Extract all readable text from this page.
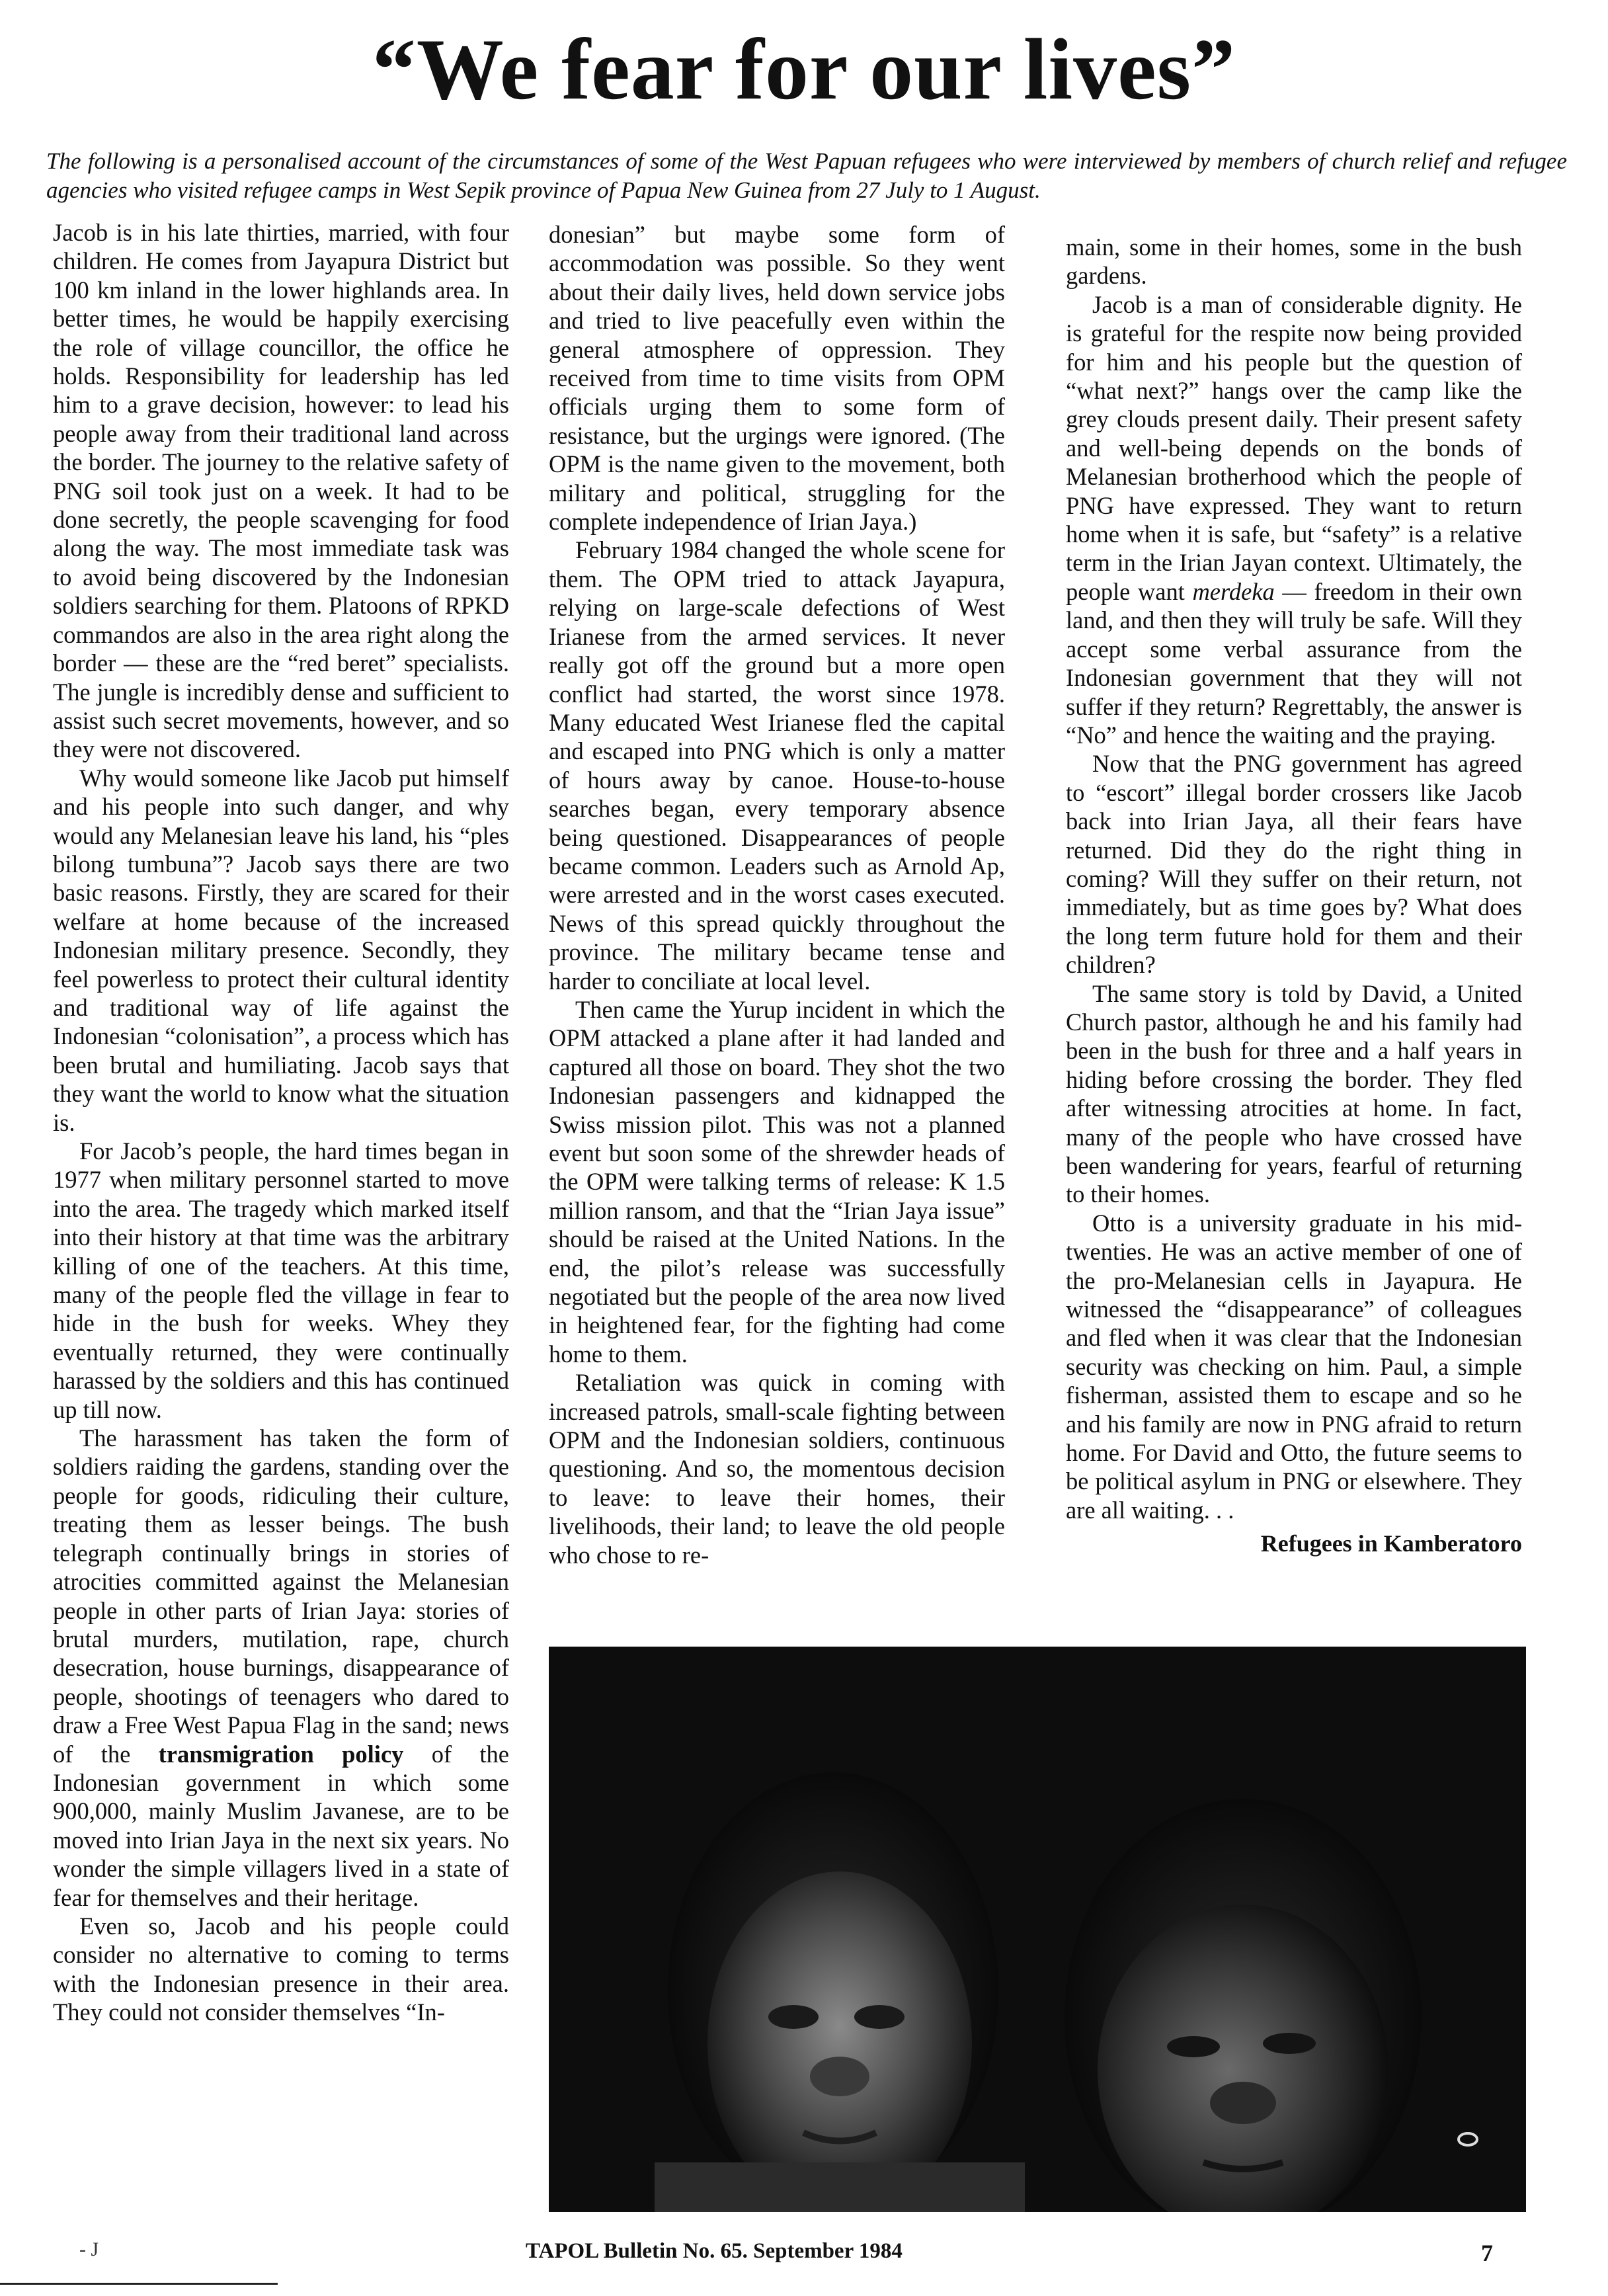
“We fear for our lives”

The following is a personalised account of the circumstances of some of the West Papuan refugees who were interviewed by members of church relief and refugee agencies who visited refugee camps in West Sepik province of Papua New Guinea from 27 July to 1 August.

Jacob is in his late thirties, married, with four children. He comes from Jayapura District but 100 km inland in the lower highlands area. In better times, he would be happily exercising the role of village councillor, the office he holds. Responsibility for leadership has led him to a grave decision, however: to lead his people away from their traditional land across the border. The journey to the relative safety of PNG soil took just on a week. It had to be done secretly, the people scavenging for food along the way. The most immediate task was to avoid being discovered by the Indonesian soldiers searching for them. Platoons of RPKD commandos are also in the area right along the border — these are the “red beret” specialists. The jungle is incredibly dense and sufficient to assist such secret movements, however, and so they were not discovered.

Why would someone like Jacob put himself and his people into such danger, and why would any Melanesian leave his land, his “ples bilong tumbuna”? Jacob says there are two basic reasons. Firstly, they are scared for their welfare at home because of the increased Indonesian military presence. Secondly, they feel powerless to protect their cultural identity and traditional way of life against the Indonesian “colonisation”, a process which has been brutal and humiliating. Jacob says that they want the world to know what the situation is.

For Jacob’s people, the hard times began in 1977 when military personnel started to move into the area. The tragedy which marked itself into their history at that time was the arbitrary killing of one of the teachers. At this time, many of the people fled the village in fear to hide in the bush for weeks. Whey they eventually returned, they were continually harassed by the soldiers and this has continued up till now.

The harassment has taken the form of soldiers raiding the gardens, standing over the people for goods, ridiculing their culture, treating them as lesser beings. The bush telegraph continually brings in stories of atrocities committed against the Melanesian people in other parts of Irian Jaya: stories of brutal murders, mutilation, rape, church desecration, house burnings, disappearance of people, shootings of teenagers who dared to draw a Free West Papua Flag in the sand; news of the transmigration policy of the Indonesian government in which some 900,000, mainly Muslim Javanese, are to be moved into Irian Jaya in the next six years. No wonder the simple villagers lived in a state of fear for themselves and their heritage.

Even so, Jacob and his people could consider no alternative to coming to terms with the Indonesian presence in their area. They could not consider themselves “In-

donesian” but maybe some form of accommodation was possible. So they went about their daily lives, held down service jobs and tried to live peacefully even within the general atmosphere of oppression. They received from time to time visits from OPM officials urging them to some form of resistance, but the urgings were ignored. (The OPM is the name given to the movement, both military and political, struggling for the complete independence of Irian Jaya.)

February 1984 changed the whole scene for them. The OPM tried to attack Jayapura, relying on large-scale defections of West Irianese from the armed services. It never really got off the ground but a more open conflict had started, the worst since 1978. Many educated West Irianese fled the capital and escaped into PNG which is only a matter of hours away by canoe. House-to-house searches began, every temporary absence being questioned. Disappearances of people became common. Leaders such as Arnold Ap, were arrested and in the worst cases executed. News of this spread quickly throughout the province. The military became tense and harder to conciliate at local level.

Then came the Yurup incident in which the OPM attacked a plane after it had landed and captured all those on board. They shot the two Indonesian passengers and kidnapped the Swiss mission pilot. This was not a planned event but soon some of the shrewder heads of the OPM were talking terms of release: K 1.5 million ransom, and that the “Irian Jaya issue” should be raised at the United Nations. In the end, the pilot’s release was successfully negotiated but the people of the area now lived in heightened fear, for the fighting had come home to them.

Retaliation was quick in coming with increased patrols, small-scale fighting between OPM and the Indonesian soldiers, continuous questioning. And so, the momentous decision to leave: to leave their homes, their livelihoods, their land; to leave the old people who chose to re-

main, some in their homes, some in the bush gardens.

Jacob is a man of considerable dignity. He is grateful for the respite now being provided for him and his people but the question of “what next?” hangs over the camp like the grey clouds present daily. Their present safety and well-being depends on the bonds of Melanesian brotherhood which the people of PNG have expressed. They want to return home when it is safe, but “safety” is a relative term in the Irian Jayan context. Ultimately, the people want merdeka — freedom in their own land, and then they will truly be safe. Will they accept some verbal assurance from the Indonesian government that they will not suffer if they return? Regrettably, the answer is “No” and hence the waiting and the praying.

Now that the PNG government has agreed to “escort” illegal border crossers like Jacob back into Irian Jaya, all their fears have returned. Did they do the right thing in coming? Will they suffer on their return, not immediately, but as time goes by? What does the long term future hold for them and their children?

The same story is told by David, a United Church pastor, although he and his family had been in the bush for three and a half years in hiding before crossing the border. They fled after witnessing atrocities at home. In fact, many of the people who have crossed have been wandering for years, fearful of returning to their homes.

Otto is a university graduate in his mid-twenties. He was an active member of one of the pro-Melanesian cells in Jayapura. He witnessed the “disappearance” of colleagues and fled when it was clear that the Indonesian security was checking on him. Paul, a simple fisherman, assisted them to escape and so he and his family are now in PNG afraid to return home. For David and Otto, the future seems to be political asylum in PNG or elsewhere. They are all waiting. . .

Refugees in Kamberatoro

- J	TAPOL Bulletin No. 65. September 1984	7
